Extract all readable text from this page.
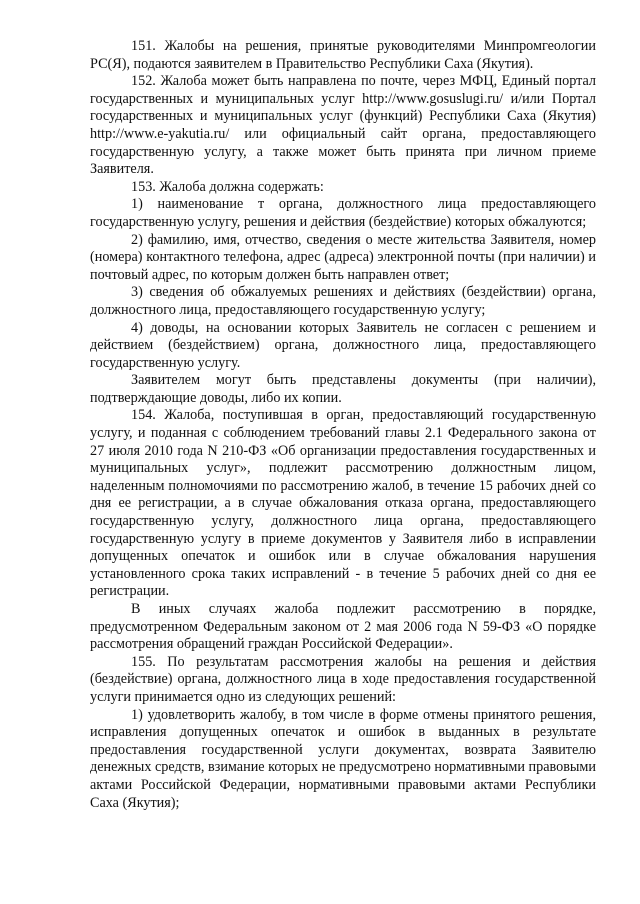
151. Жалобы на решения, принятые руководителями Минпромгеологии РС(Я), подаются заявителем в Правительство Республики Саха (Якутия).

152. Жалоба может быть направлена по почте, через МФЦ, Единый портал государственных и муниципальных услуг http://www.gosuslugi.ru/ и/или Портал государственных и муниципальных услуг (функций) Республики Саха (Якутия) http://www.e-yakutia.ru/ или официальный сайт органа, предоставляющего государственную услугу, а также может быть принята при личном приеме Заявителя.

153. Жалоба должна содержать:

1) наименование т органа, должностного лица предоставляющего государственную услугу, решения и действия (бездействие) которых обжалуются;

2) фамилию, имя, отчество, сведения о месте жительства Заявителя, номер (номера) контактного телефона, адрес (адреса) электронной почты (при наличии) и почтовый адрес, по которым должен быть направлен ответ;

3) сведения об обжалуемых решениях и действиях (бездействии) органа, должностного лица, предоставляющего государственную услугу;

4) доводы, на основании которых Заявитель не согласен с решением и действием (бездействием) органа, должностного лица, предоставляющего государственную услугу.

Заявителем могут быть представлены документы (при наличии), подтверждающие доводы, либо их копии.

154. Жалоба, поступившая в орган, предоставляющий государственную услугу, и поданная с соблюдением требований главы 2.1 Федерального закона от 27 июля 2010 года N 210-ФЗ «Об организации предоставления государственных и муниципальных услуг», подлежит рассмотрению должностным лицом, наделенным полномочиями по рассмотрению жалоб, в течение 15 рабочих дней со дня ее регистрации, а в случае обжалования отказа органа, предоставляющего государственную услугу, должностного лица органа, предоставляющего государственную услугу в приеме документов у Заявителя либо в исправлении допущенных опечаток и ошибок или в случае обжалования нарушения установленного срока таких исправлений - в течение 5 рабочих дней со дня ее регистрации.

В иных случаях жалоба подлежит рассмотрению в порядке, предусмотренном Федеральным законом от 2 мая 2006 года N 59-ФЗ «О порядке рассмотрения обращений граждан Российской Федерации».

155. По результатам рассмотрения жалобы на решения и действия (бездействие) органа, должностного лица в ходе предоставления государственной услуги принимается одно из следующих решений:

1) удовлетворить жалобу, в том числе в форме отмены принятого решения, исправления допущенных опечаток и ошибок в выданных в результате предоставления государственной услуги документах, возврата Заявителю денежных средств, взимание которых не предусмотрено нормативными правовыми актами Российской Федерации, нормативными правовыми актами Республики Саха (Якутия);
